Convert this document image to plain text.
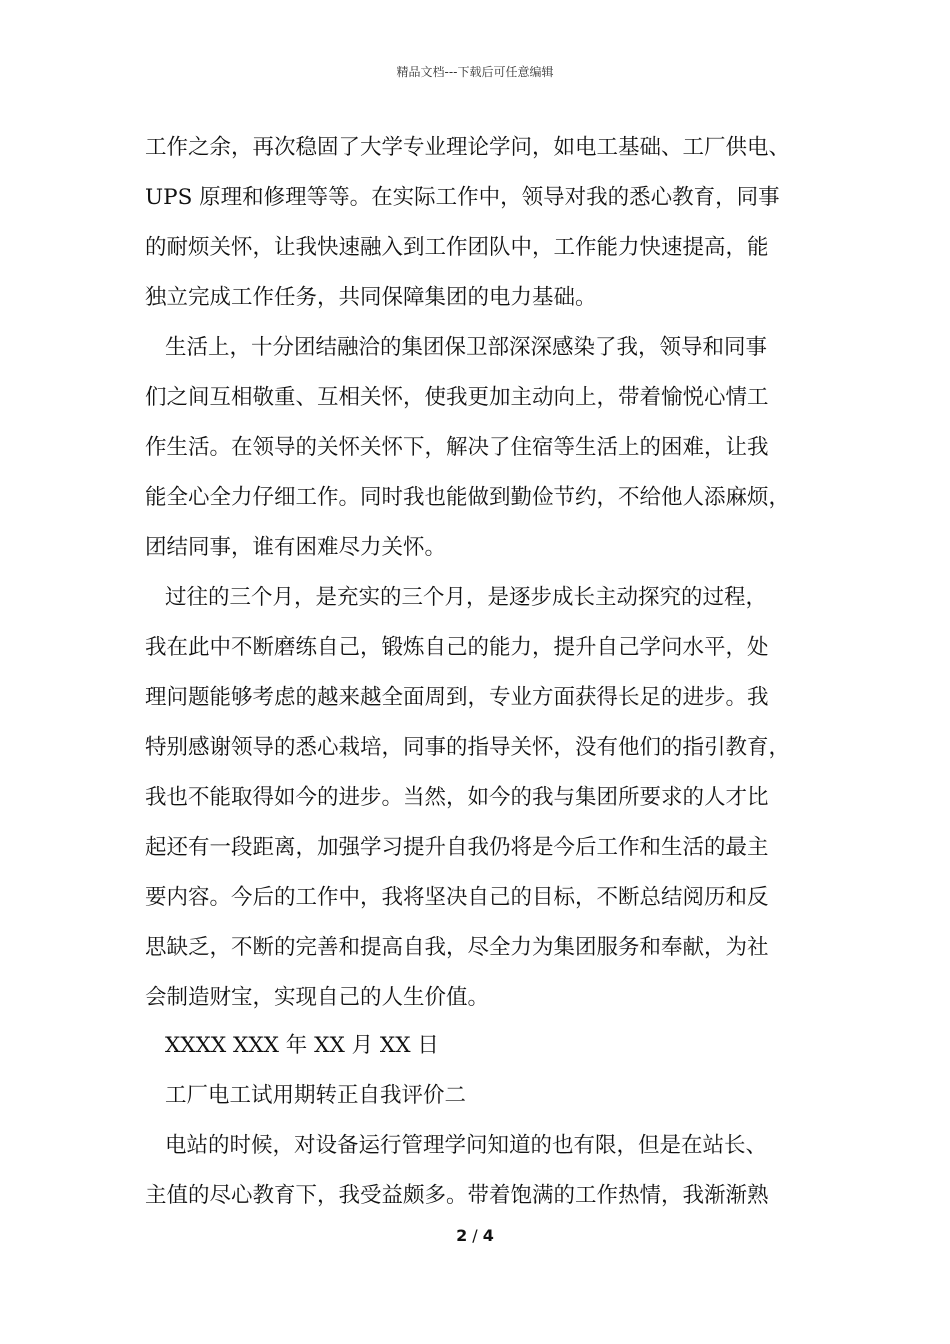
精品文档---下载后可任意编辑
工作之余，再次稳固了大学专业理论学问，如电工基础、工厂供电、
UPS 原理和修理等等。在实际工作中，领导对我的悉心教育，同事
的耐烦关怀，让我快速融入到工作团队中，工作能力快速提高，能
独立完成工作任务，共同保障集团的电力基础。
生活上，十分团结融洽的集团保卫部深深感染了我，领导和同事
们之间互相敬重、互相关怀，使我更加主动向上，带着愉悦心情工
作生活。在领导的关怀关怀下，解决了住宿等生活上的困难，让我
能全心全力仔细工作。同时我也能做到勤俭节约，不给他人添麻烦，
团结同事，谁有困难尽力关怀。
过往的三个月，是充实的三个月，是逐步成长主动探究的过程，
我在此中不断磨练自己，锻炼自己的能力，提升自己学问水平，处
理问题能够考虑的越来越全面周到，专业方面获得长足的进步。我
特别感谢领导的悉心栽培，同事的指导关怀，没有他们的指引教育，
我也不能取得如今的进步。当然，如今的我与集团所要求的人才比
起还有一段距离，加强学习提升自我仍将是今后工作和生活的最主
要内容。今后的工作中，我将坚决自己的目标，不断总结阅历和反
思缺乏，不断的完善和提高自我，尽全力为集团服务和奉献，为社
会制造财宝，实现自己的人生价值。
XXXX XXX 年 XX 月 XX 日
工厂电工试用期转正自我评价二
电站的时候，对设备运行管理学问知道的也有限，但是在站长、
主值的尽心教育下，我受益颇多。带着饱满的工作热情，我渐渐熟
2 / 4
